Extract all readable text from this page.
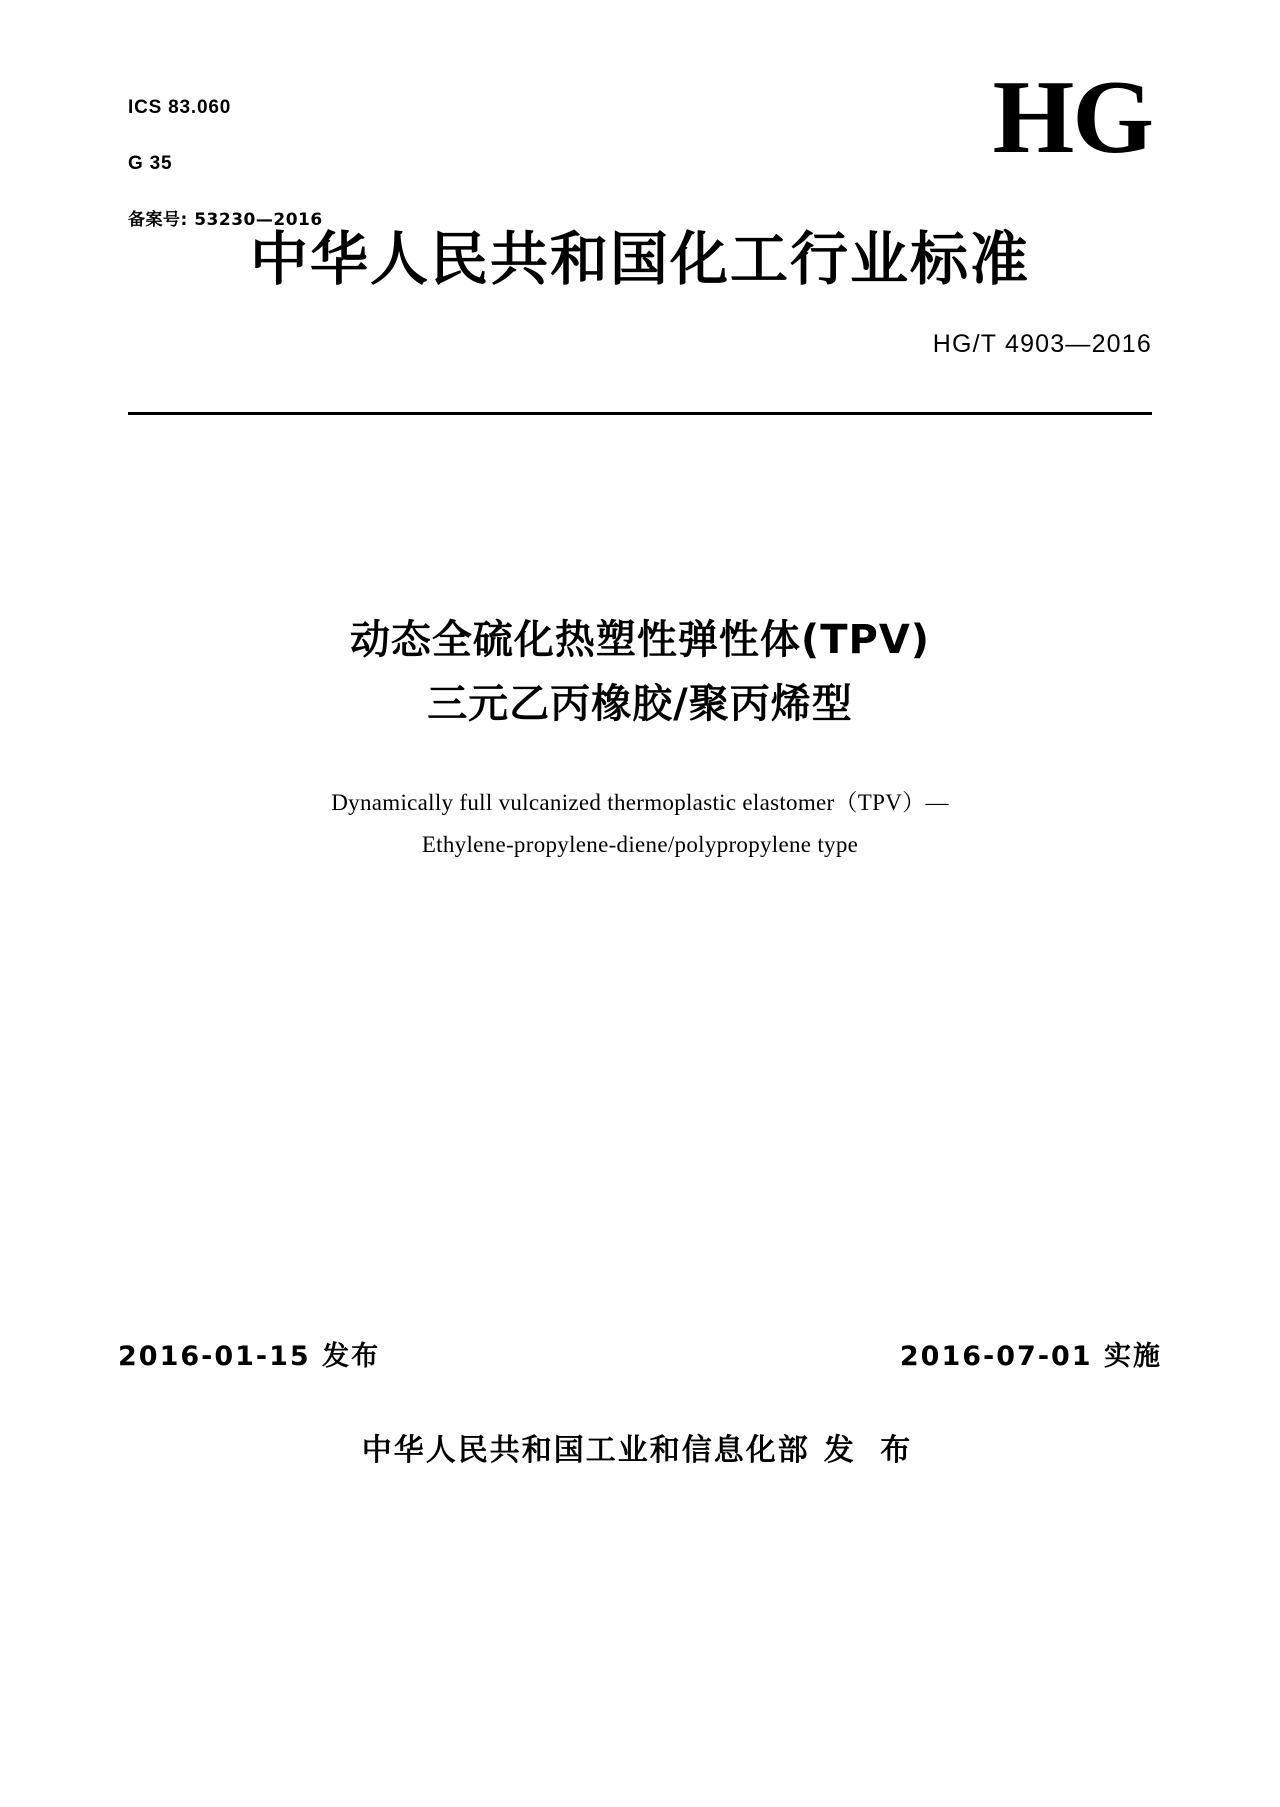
ICS 83.060

G 35

备案号: 53230—2016

HG
中华人民共和国化工行业标准
HG/T 4903—2016
动态全硫化热塑性弹性体(TPV)
三元乙丙橡胶/聚丙烯型
Dynamically full vulcanized thermoplastic elastomer（TPV）—
Ethylene-propylene-diene/polypropylene type
2016-01-15 发布	2016-07-01 实施
中华人民共和国工业和信息化部 发 布
